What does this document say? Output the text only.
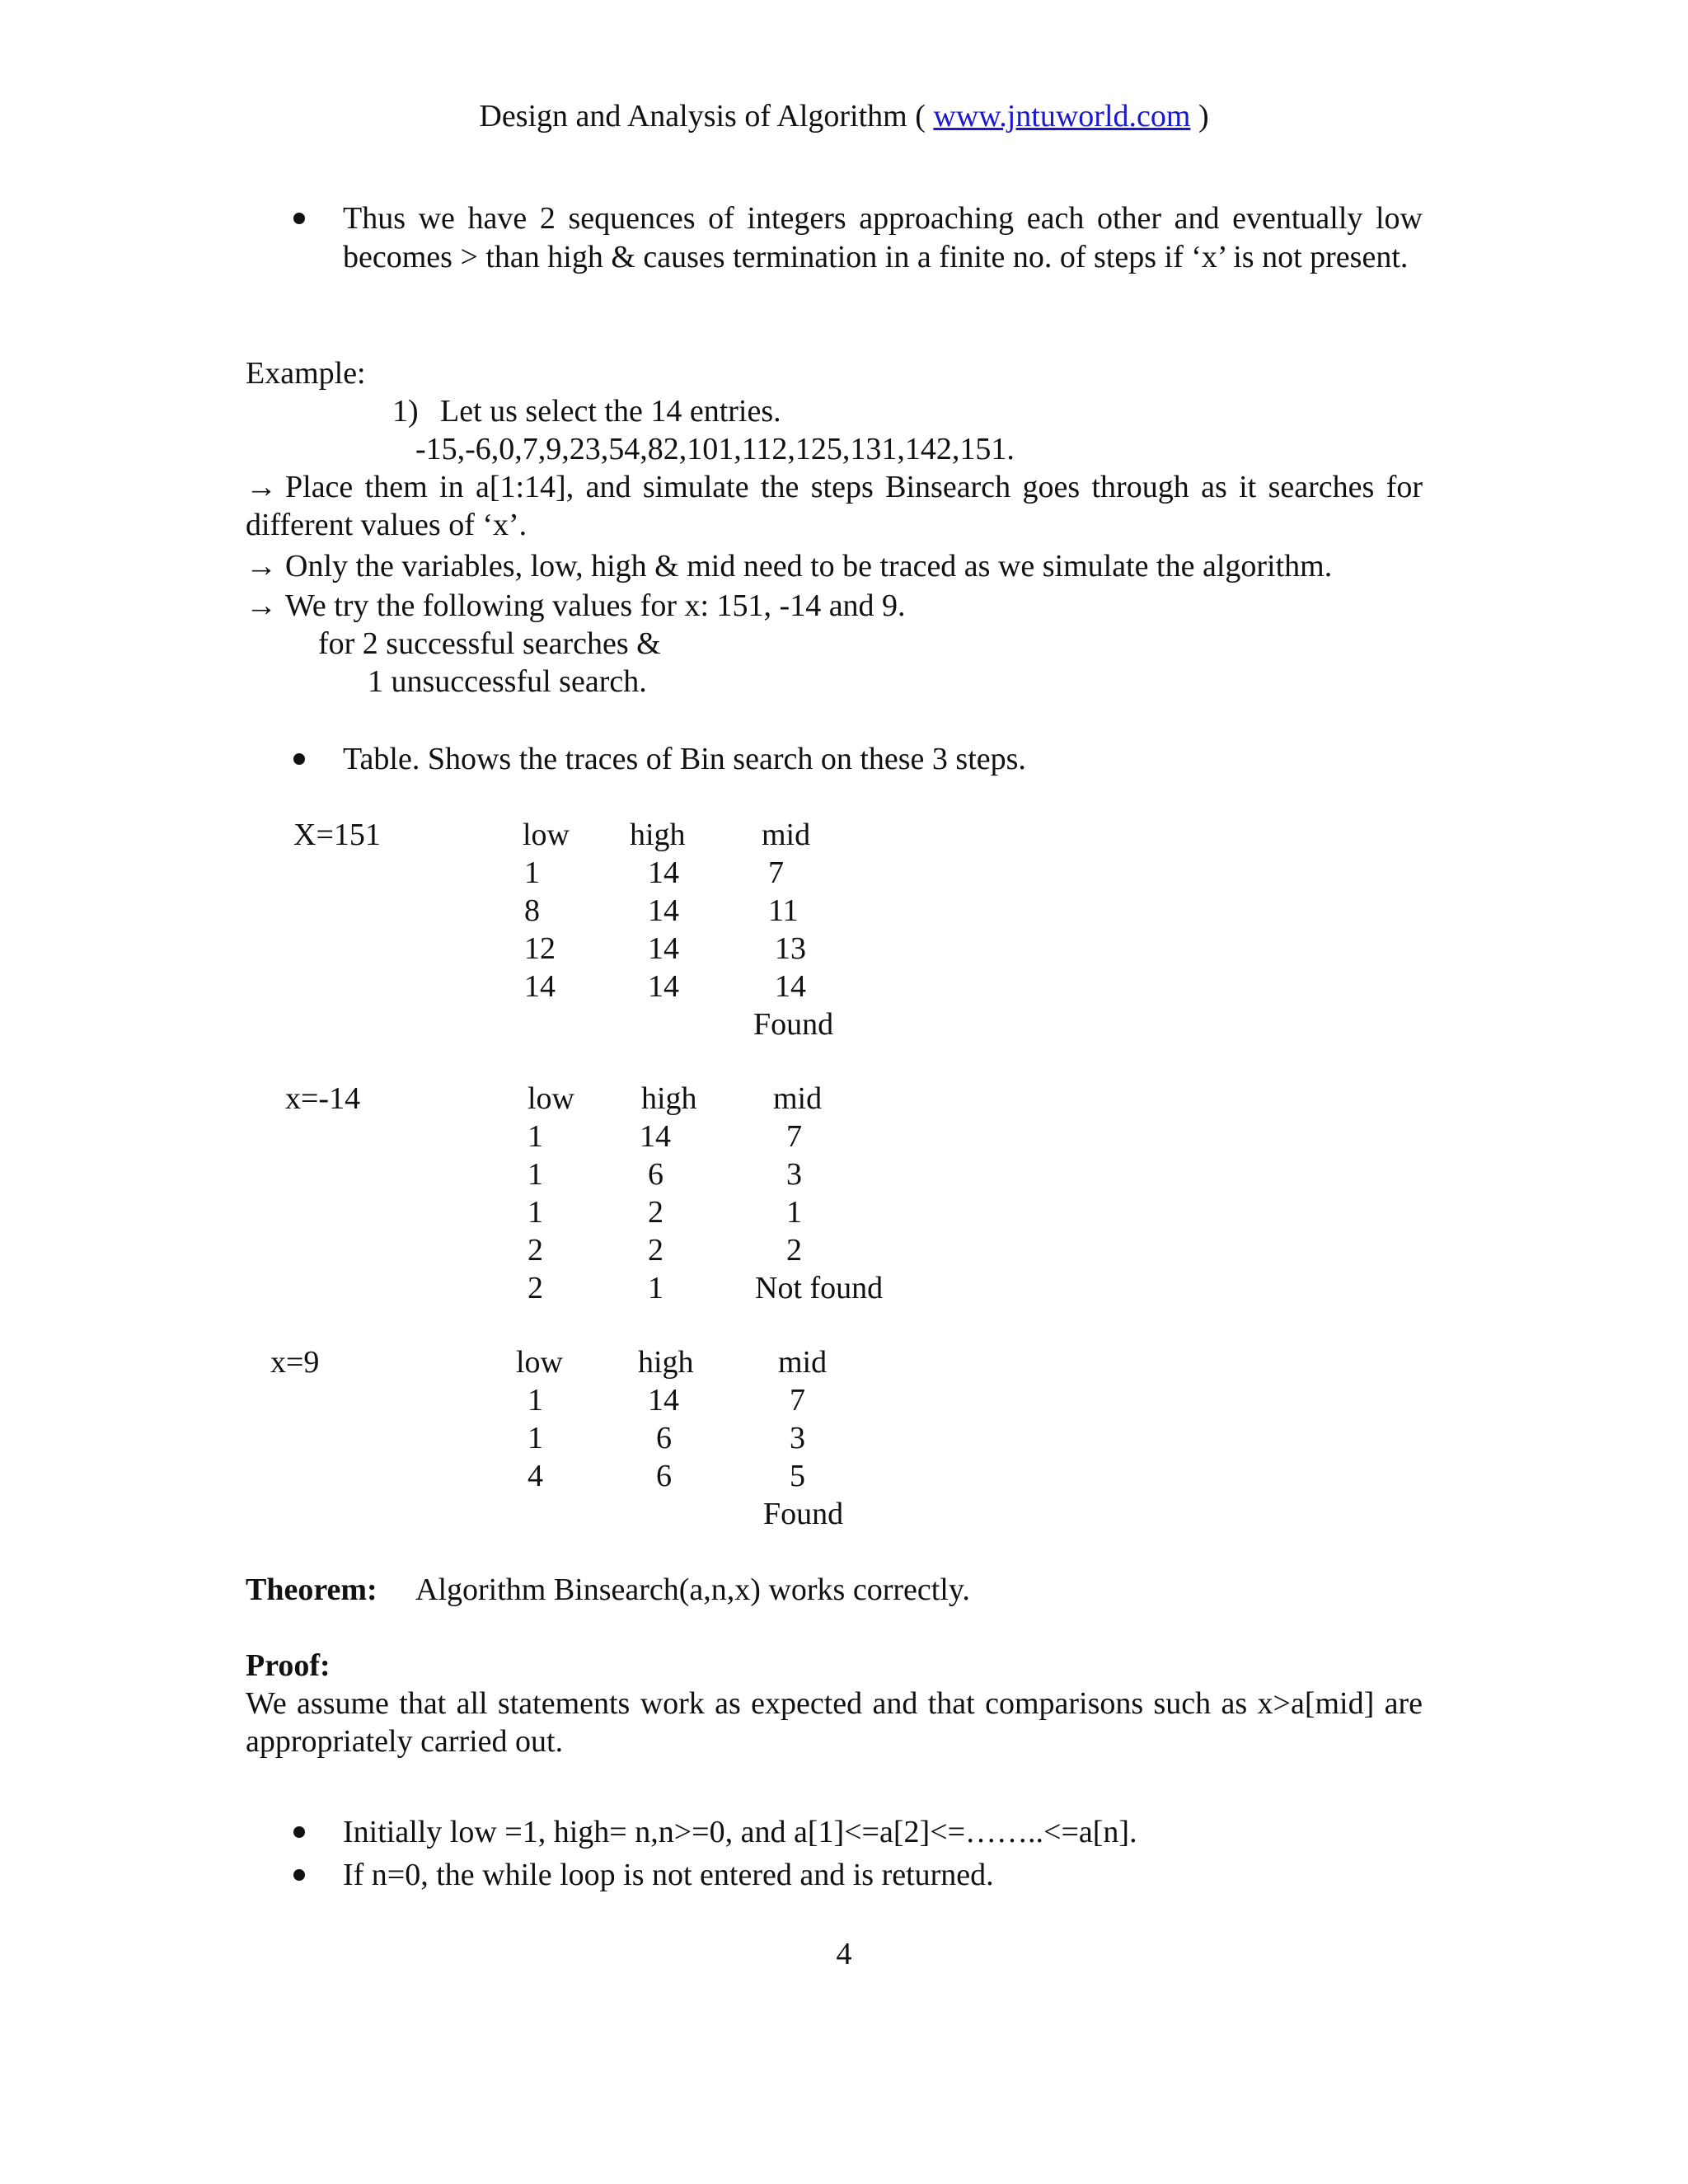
Design and Analysis of Algorithm ( www.jntuworld.com )
Thus we have 2 sequences of integers approaching each other and eventually low becomes > than high & causes termination in a finite no. of steps if ‘x’ is not present.
Example:
1) Let us select the 14 entries.
-15,-6,0,7,9,23,54,82,101,112,125,131,142,151.
→ Place them in a[1:14], and simulate the steps Binsearch goes through as it searches for different values of ‘x’.
→ Only the variables, low, high & mid need to be traced as we simulate the algorithm.
→ We try the following values for x: 151, -14 and 9.
for 2 successful searches &
1 unsuccessful search.
Table. Shows the traces of Bin search on these 3 steps.
X=151	low high mid
1	14	7
8	14	11
12	14	13
14	14	14
Found
x=-14	low high mid
1	14	7
1	6	3
1	2	1
2	2	2
2	1	Not found
x=9	low high	mid
1	14	7
1	6	3
4	6	5
Found
Theorem: Algorithm Binsearch(a,n,x) works correctly.
Proof:
We assume that all statements work as expected and that comparisons such as x>a[mid] are appropriately carried out.
Initially low =1, high= n,n>=0, and a[1]<=a[2]<=……..<=a[n].
If n=0, the while loop is not entered and is returned.
4
